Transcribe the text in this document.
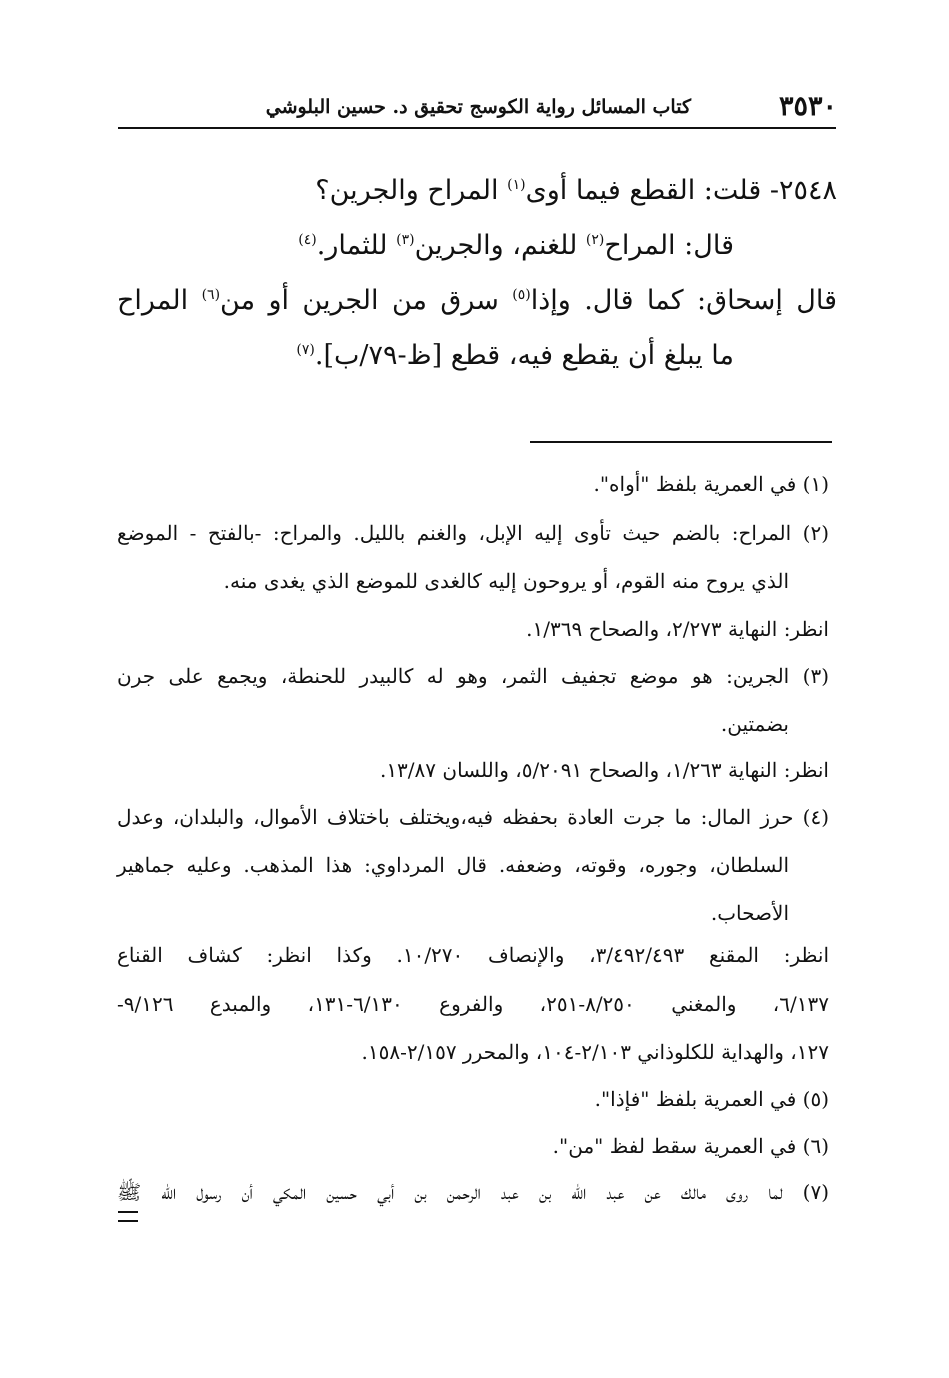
كتاب المسائل رواية الكوسج تحقيق د. حسين البلوشي	٣٥٣٠
٢٥٤٨- قلت: القطع فيما أوى$^{(١)}$ المراح والجرين؟
قال: المراح$^{(٢)}$ للغنم، والجرين$^{(٣)}$ للثمار.$^{(٤)}$
قال إسحاق: كما قال. وإذا$^{(٥)}$ سرق من الجرين أو من$^{(٦)}$ المراح
ما يبلغ أن يقطع فيه، قطع [ظ-٧٩/ب].$^{(٧)}$
(١) في العمرية بلفظ "أواه".
(٢) المراح: بالضم حيث تأوى إليه الإبل، والغنم بالليل. والمراح: -بالفتح - الموضع
الذي يروح منه القوم، أو يروحون إليه كالغدى للموضع الذي يغدى منه.
انظر: النهاية ٢/٢٧٣، والصحاح ١/٣٦٩.
(٣) الجرين: هو موضع تجفيف الثمر، وهو له كالبيدر للحنطة، ويجمع على جرن
بضمتين.
انظر: النهاية ١/٢٦٣، والصحاح ٥/٢٠٩١، واللسان ١٣/٨٧.
(٤) حرز المال: ما جرت العادة بحفظه فيه،ويختلف باختلاف الأموال، والبلدان، وعدل
السلطان، وجوره، وقوته، وضعفه. قال المرداوي: هذا المذهب. وعليه جماهير
الأصحاب.
انظر: المقنع ٣/٤٩٢/٤٩٣، والإنصاف ١٠/٢٧٠. وكذا انظر: كشاف القناع
٦/١٣٧، والمغني ٨/٢٥٠-٢٥١، والفروع ٦/١٣٠-١٣١، والمبدع ٩/١٢٦-
١٢٧، والهداية للكلوذاني ٢/١٠٣-١٠٤، والمحرر ٢/١٥٧-١٥٨.
(٥) في العمرية بلفظ "فإذا".
(٦) في العمرية سقط لفظ "من".
(٧) لما روى مالك عن عبد الله بن عبد الرحمن بن أبي حسين المكي أن رسول الله ﷺ
